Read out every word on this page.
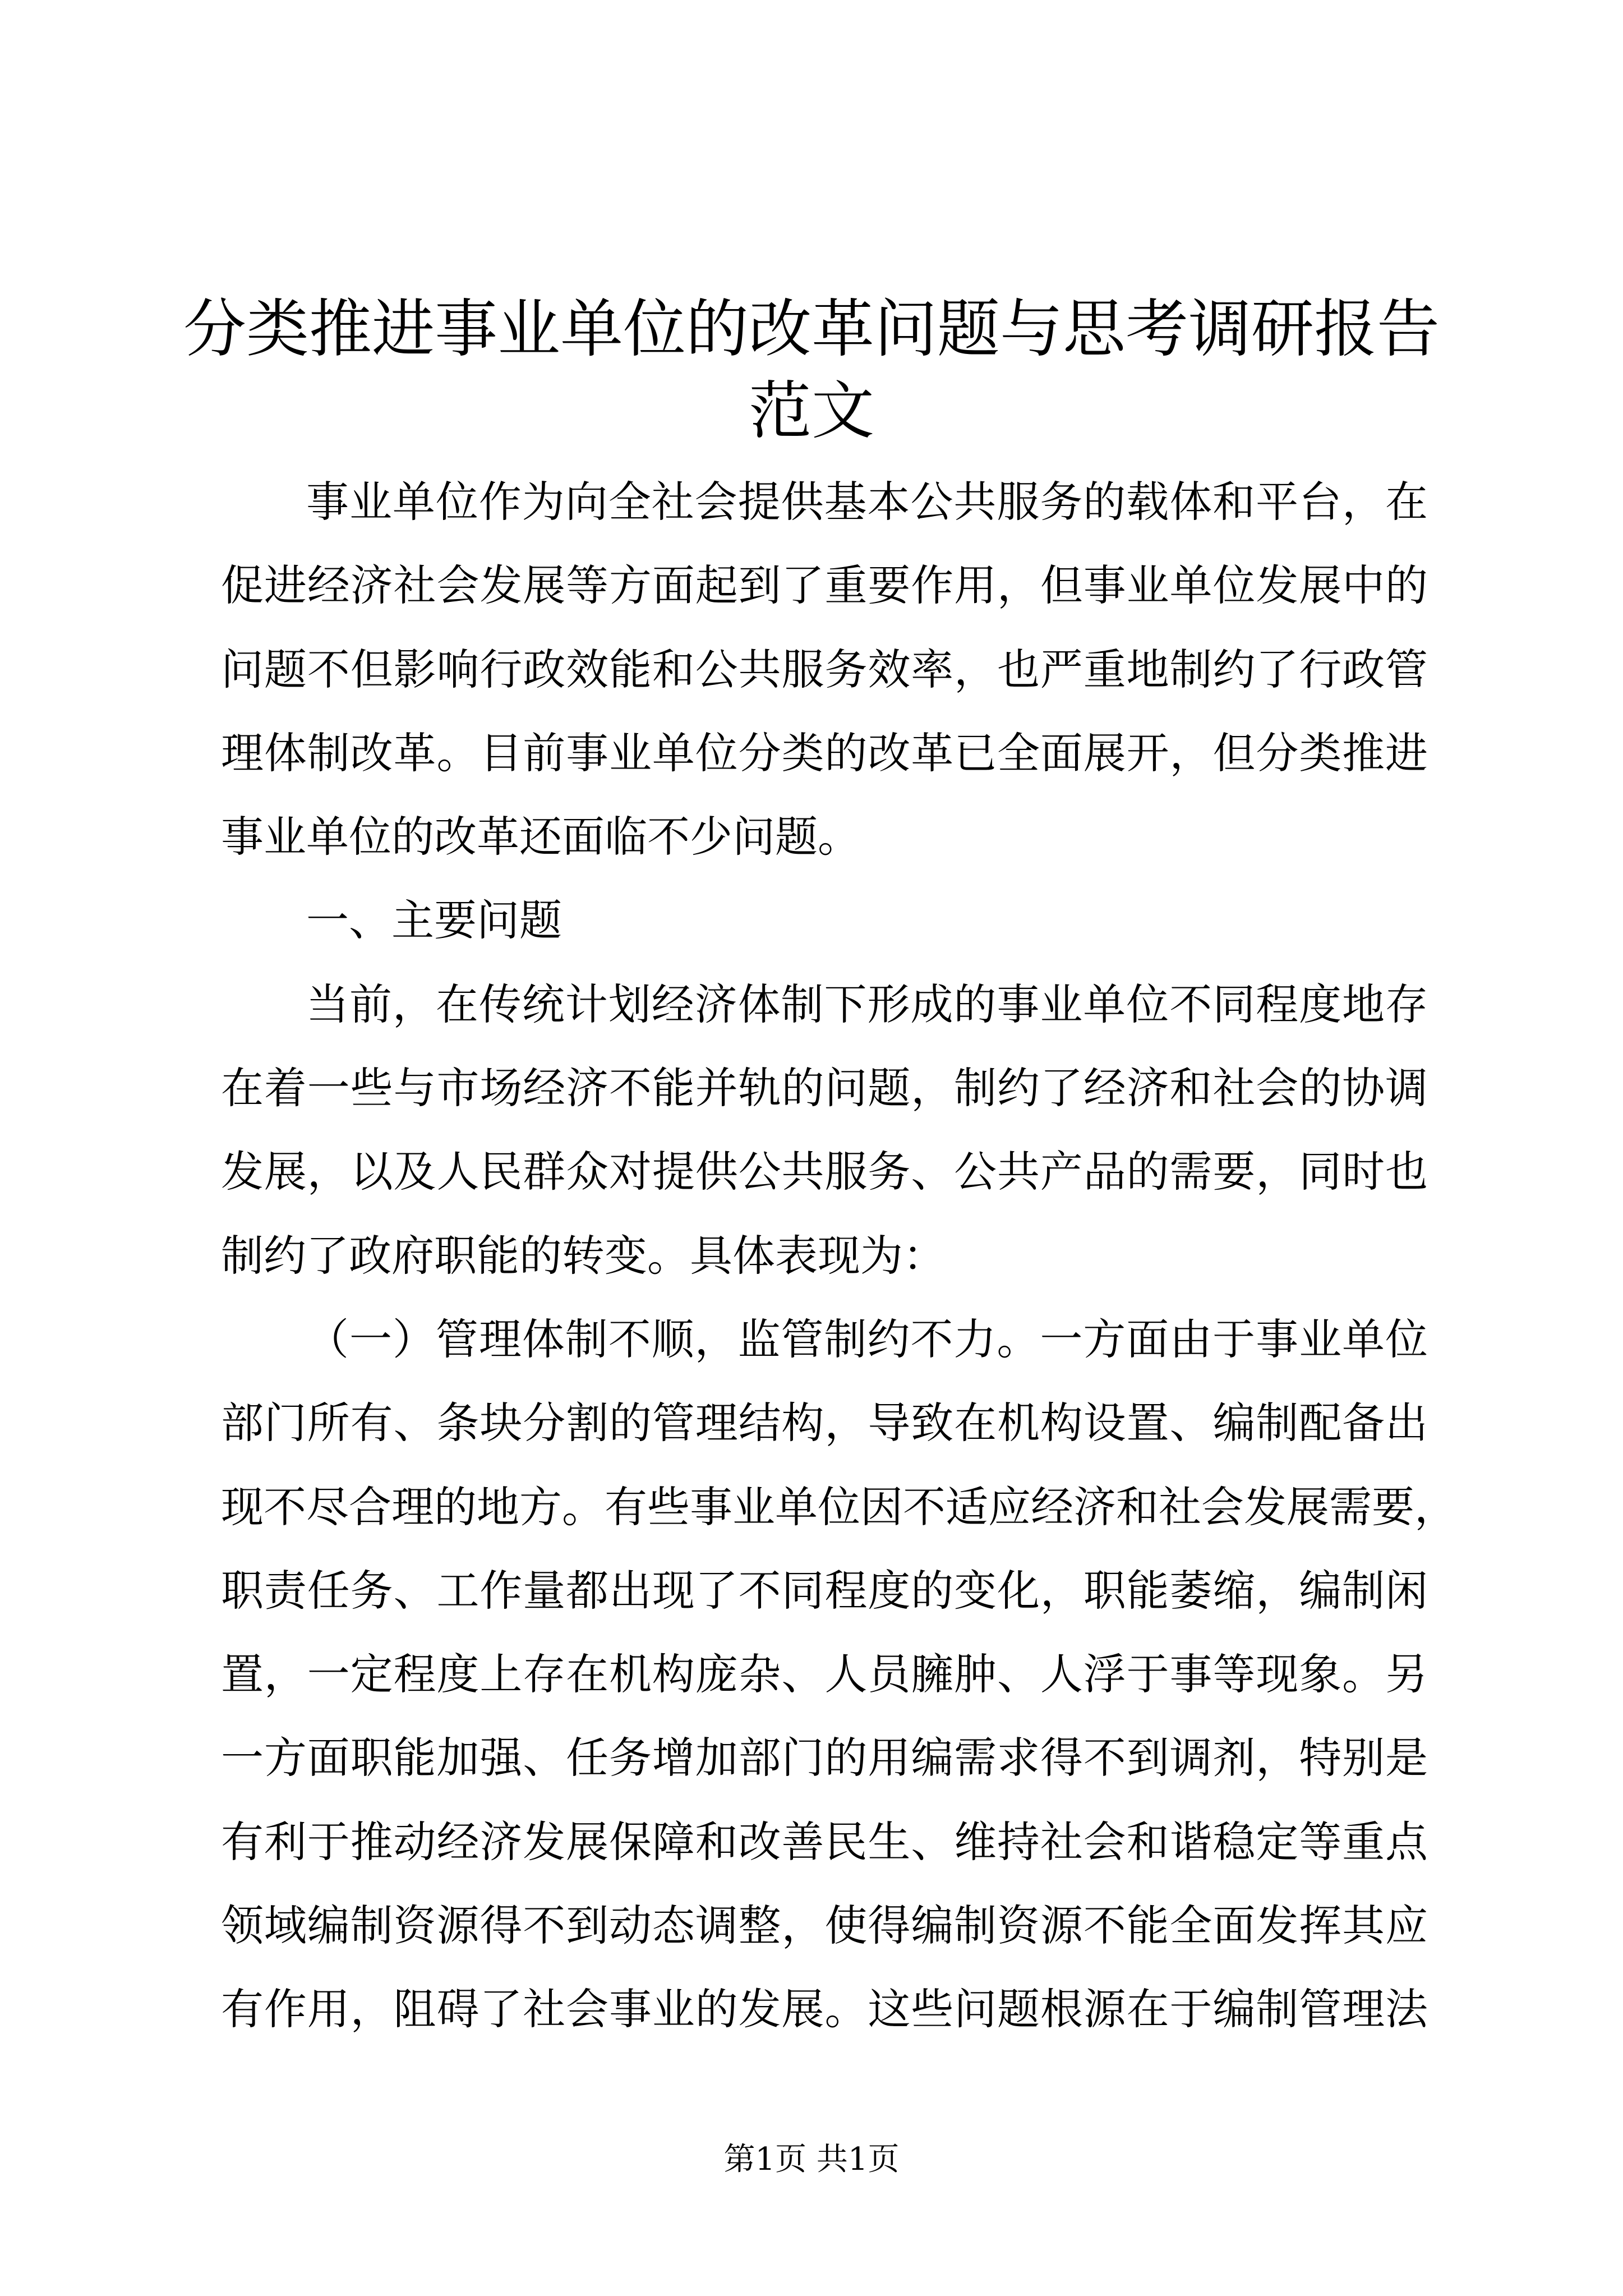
分类推进事业单位的改革问题与思考调研报告
范文
事业单位作为向全社会提供基本公共服务的载体和平台，在
促进经济社会发展等方面起到了重要作用，但事业单位发展中的
问题不但影响行政效能和公共服务效率，也严重地制约了行政管
理体制改革。目前事业单位分类的改革已全面展开，但分类推进
事业单位的改革还面临不少问题。
一、主要问题
当前，在传统计划经济体制下形成的事业单位不同程度地存
在着一些与市场经济不能并轨的问题，制约了经济和社会的协调
发展，以及人民群众对提供公共服务、公共产品的需要，同时也
制约了政府职能的转变。具体表现为：
（一）管理体制不顺，监管制约不力。一方面由于事业单位
部门所有、条块分割的管理结构，导致在机构设置、编制配备出
现不尽合理的地方。有些事业单位因不适应经济和社会发展需要，
职责任务、工作量都出现了不同程度的变化，职能萎缩，编制闲
置，一定程度上存在机构庞杂、人员臃肿、人浮于事等现象。另
一方面职能加强、任务增加部门的用编需求得不到调剂，特别是
有利于推动经济发展保障和改善民生、维持社会和谐稳定等重点
领域编制资源得不到动态调整，使得编制资源不能全面发挥其应
有作用，阻碍了社会事业的发展。这些问题根源在于编制管理法
第1页 共1页
